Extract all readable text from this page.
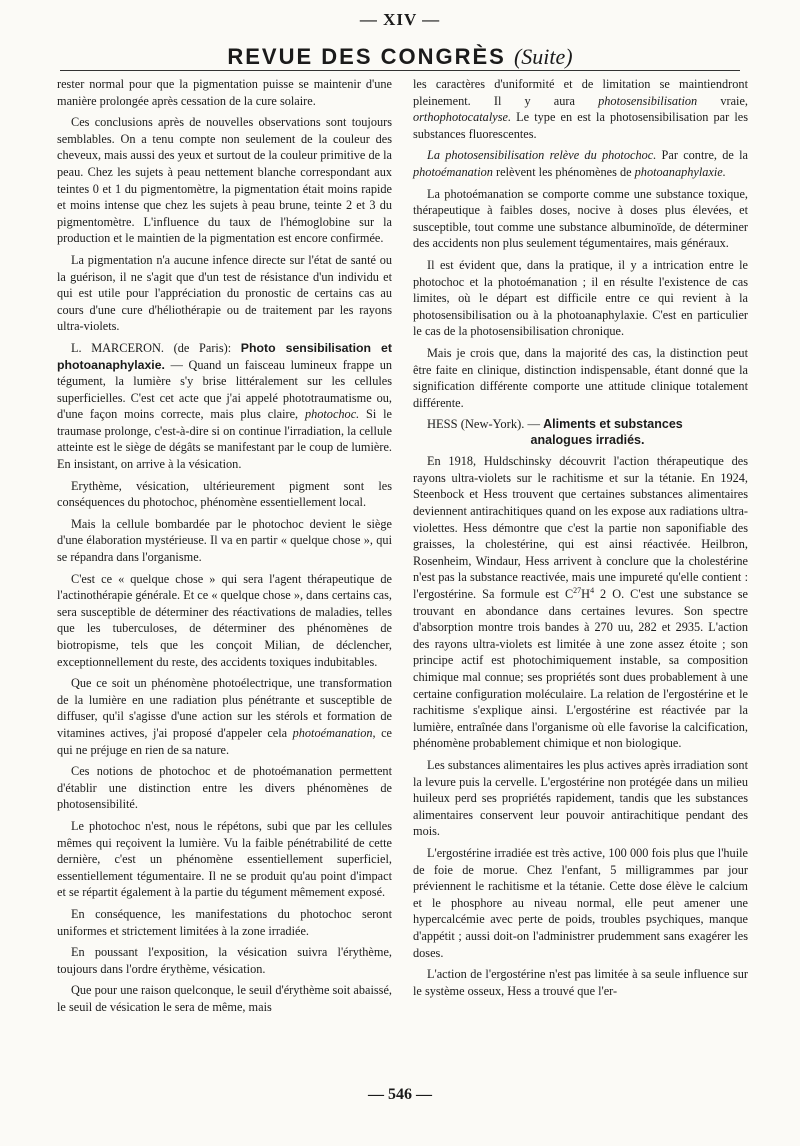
— XIV —
REVUE DES CONGRÈS (Suite)

rester normal pour que la pigmentation puisse se maintenir d'une manière prolongée après cessation de la cure solaire.

Ces conclusions après de nouvelles observations sont toujours semblables. On a tenu compte non seulement de la couleur des cheveux, mais aussi des yeux et surtout de la couleur primitive de la peau. Chez les sujets à peau nettement blanche correspondant aux teintes 0 et 1 du pigmentomètre, la pigmentation était moins rapide et moins intense que chez les sujets à peau brune, teinte 2 et 3 du pigmentomètre. L'influence du taux de l'hémoglobine sur la production et le maintien de la pigmentation est encore confirmée.

La pigmentation n'a aucune infence directe sur l'état de santé ou la guérison, il ne s'agit que d'un test de résistance d'un individu et qui est utile pour l'appréciation du pronostic de certains cas au cours d'une cure d'héliothérapie ou de traitement par les rayons ultra-violets.

L. MARCERON. (de Paris): Photo sensibilisation et photoanaphylaxie. — Quand un faisceau lumineux frappe un tégument, la lumière s'y brise littéralement sur les cellules superficielles. C'est cet acte que j'ai appelé phototraumatisme ou, d'une façon moins correcte, mais plus claire, photochoc. Si le traumase prolonge, c'est-à-dire si on continue l'irradiation, la cellule atteinte est le siège de dégâts se manifestant par le coup de lumière. En insistant, on arrive à la vésication.

Erythème, vésication, ultérieurement pigment sont les conséquences du photochoc, phénomène essentiellement local.

Mais la cellule bombardée par le photochoc devient le siège d'une élaboration mystérieuse. Il va en partir « quelque chose », qui se répandra dans l'organisme.

C'est ce « quelque chose » qui sera l'agent thérapeutique de l'actinothérapie générale. Et ce « quelque chose », dans certains cas, sera susceptible de déterminer des réactivations de maladies, telles que les tuberculoses, de déterminer des phénomènes de biotropisme, tels que les conçoit Milian, de déclencher, exceptionnellement du reste, des accidents toxiques indubitables.

Que ce soit un phénomène photoélectrique, une transformation de la lumière en une radiation plus pénétrante et susceptible de diffuser, qu'il s'agisse d'une action sur les stérols et formation de vitamines actives, j'ai proposé d'appeler cela photoémanation, ce qui ne préjuge en rien de sa nature.

Ces notions de photochoc et de photoémanation permettent d'établir une distinction entre les divers phénomènes de photosensibilité.

Le photochoc n'est, nous le répétons, subi que par les cellules mêmes qui reçoivent la lumière. Vu la faible pénétrabilité de cette dernière, c'est un phénomène essentiellement superficiel, essentiellement tégumentaire. Il ne se produit qu'au point d'impact et se répartit également à la partie du tégument mêmement exposé.

En conséquence, les manifestations du photochoc seront uniformes et strictement limitées à la zone irradiée.

En poussant l'exposition, la vésication suivra l'érythème, toujours dans l'ordre érythème, vésication.

Que pour une raison quelconque, le seuil d'érythème soit abaissé, le seuil de vésication le sera de même, mais

les caractères d'uniformité et de limitation se maintiendront pleinement. Il y aura photosensibilisation vraie, orthophotocatalyse. Le type en est la photosensibilisation par les substances fluorescentes.

La photosensibilisation relève du photochoc. Par contre, de la photoémanation relèvent les phénomènes de photoanaphylaxie.

La photoémanation se comporte comme une substance toxique, thérapeutique à faibles doses, nocive à doses plus élevées, et susceptible, tout comme une substance albuminoïde, de déterminer des accidents non plus seulement tégumentaires, mais généraux.

Il est évident que, dans la pratique, il y a intrication entre le photochoc et la photoémanation ; il en résulte l'existence de cas limites, où le départ est difficile entre ce qui revient à la photosensibilisation ou à la photoanaphylaxie. C'est en particulier le cas de la photosensibilisation chronique.

Mais je crois que, dans la majorité des cas, la distinction peut être faite en clinique, distinction indispensable, étant donné que la signification différente comporte une attitude clinique totalement différente.

HESS (New-York). — Aliments et substances
analogues irradiés.

En 1918, Huldschinsky découvrit l'action thérapeutique des rayons ultra-violets sur le rachitisme et sur la tétanie. En 1924, Steenbock et Hess trouvent que certaines substances alimentaires deviennent antirachitiques quand on les expose aux radiations ultra-violettes. Hess démontre que c'est la partie non saponifiable des graisses, la cholestérine, qui est ainsi réactivée. Heilbron, Rosenheim, Windaur, Hess arrivent à conclure que la cholestérine n'est pas la substance reactivée, mais une impureté qu'elle contient : l'ergostérine. Sa formule est $C^{27}H^4$ 2 O. C'est une substance se trouvant en abondance dans certaines levures. Son spectre d'absorption montre trois bandes à 270 uu, 282 et 2935. L'action des rayons ultra-violets est limitée à une zone assez étoite ; son principe actif est photochimiquement instable, sa composition chimique mal connue; ses propriétés sont dues probablement à une certaine configuration moléculaire. La relation de l'ergostérine et le rachitisme s'explique ainsi. L'ergostérine est réactivée par la lumière, entraînée dans l'organisme où elle favorise la calcification, phénomène probablement chimique et non biologique.

Les substances alimentaires les plus actives après irradiation sont la levure puis la cervelle. L'ergostérine non protégée dans un milieu huileux perd ses propriétés rapidement, tandis que les substances alimentaires conservent leur pouvoir antirachitique pendant des mois.

L'ergostérine irradiée est très active, 100 000 fois plus que l'huile de foie de morue. Chez l'enfant, 5 milligrammes par jour préviennent le rachitisme et la tétanie. Cette dose élève le calcium et le phosphore au niveau normal, elle peut amener une hypercalcémie avec perte de poids, troubles psychiques, manque d'appétit ; aussi doit-on l'administrer prudemment sans exagérer les doses.

L'action de l'ergostérine n'est pas limitée à sa seule influence sur le système osseux, Hess a trouvé que l'er-

— 546 —
